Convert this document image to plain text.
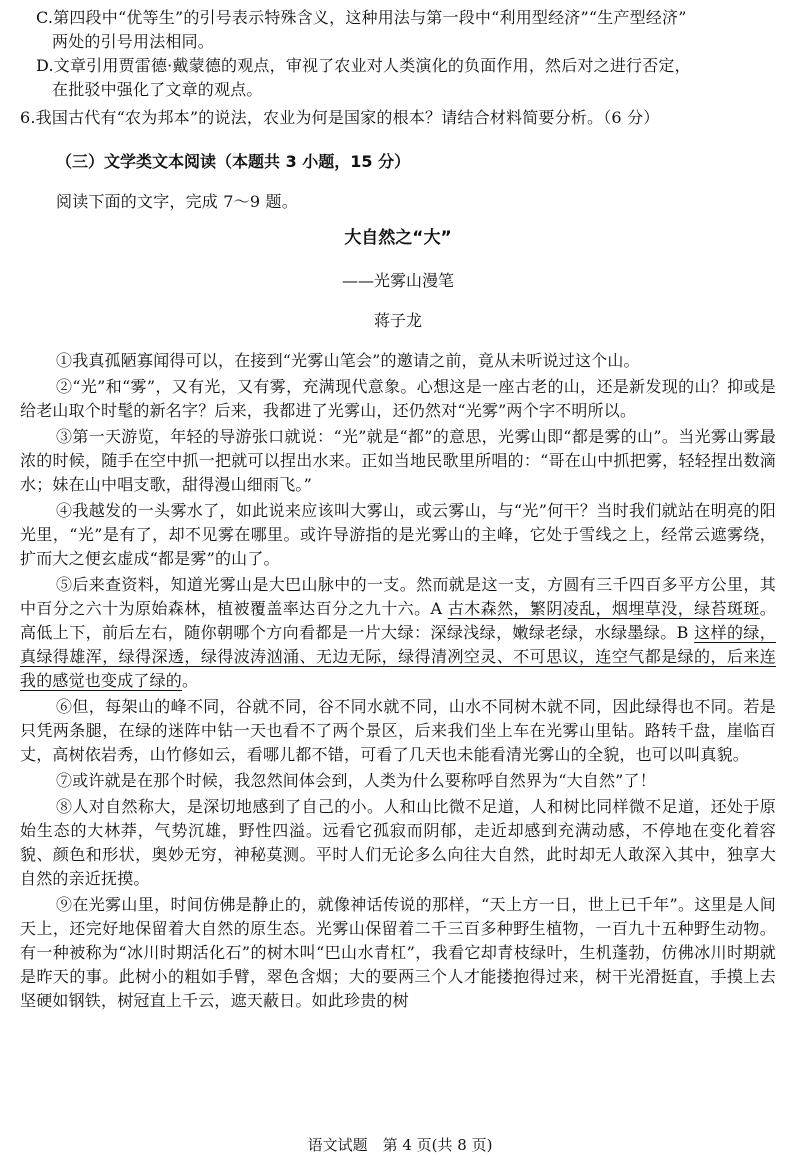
C.第四段中“优等生”的引号表示特殊含义，这种用法与第一段中“利用型经济”“生产型经济”
两处的引号用法相同。

D.文章引用贾雷德·戴蒙德的观点，审视了农业对人类演化的负面作用，然后对之进行否定，
在批驳中强化了文章的观点。

6.我国古代有“农为邦本”的说法，农业为何是国家的根本？请结合材料简要分析。（6 分）

（三）文学类文本阅读（本题共 3 小题，15 分）

阅读下面的文字，完成 7～9 题。

大自然之“大”

——光雾山漫笔

蒋子龙

①我真孤陋寡闻得可以，在接到“光雾山笔会”的邀请之前，竟从未听说过这个山。

②“光”和“雾”，又有光，又有雾，充满现代意象。心想这是一座古老的山，还是新发现的山？抑或是给老山取个时髦的新名字？后来，我都进了光雾山，还仍然对“光雾”两个字不明所以。

③第一天游览，年轻的导游张口就说：“光”就是“都”的意思，光雾山即“都是雾的山”。当光雾山雾最浓的时候，随手在空中抓一把就可以捏出水来。正如当地民歌里所唱的：“哥在山中抓把雾，轻轻捏出数滴水；妹在山中唱支歌，甜得漫山细雨飞。”

④我越发的一头雾水了，如此说来应该叫大雾山，或云雾山，与“光”何干？当时我们就站在明亮的阳光里，“光”是有了，却不见雾在哪里。或许导游指的是光雾山的主峰，它处于雪线之上，经常云遮雾绕，扩而大之便玄虚成“都是雾”的山了。

⑤后来查资料，知道光雾山是大巴山脉中的一支。然而就是这一支，方圆有三千四百多平方公里，其中百分之六十为原始森林，植被覆盖率达百分之九十六。A 古木森然，繁阴凌乱，烟埋草没，绿苔斑斑。高低上下，前后左右，随你朝哪个方向看都是一片大绿：深绿浅绿，嫩绿老绿，水绿墨绿。B 这样的绿，真绿得雄浑，绿得深透，绿得波涛汹涌、无边无际，绿得清冽空灵、不可思议，连空气都是绿的，后来连我的感觉也变成了绿的。

⑥但，每架山的峰不同，谷就不同，谷不同水就不同，山水不同树木就不同，因此绿得也不同。若是只凭两条腿，在绿的迷阵中钻一天也看不了两个景区，后来我们坐上车在光雾山里钻。路转千盘，崖临百丈，高树依岩秀，山竹修如云，看哪儿都不错，可看了几天也未能看清光雾山的全貌，也可以叫真貌。

⑦或许就是在那个时候，我忽然间体会到，人类为什么要称呼自然界为“大自然”了！

⑧人对自然称大，是深切地感到了自己的小。人和山比微不足道，人和树比同样微不足道，还处于原始生态的大林莽，气势沉雄，野性四溢。远看它孤寂而阴郁，走近却感到充满动感，不停地在变化着容貌、颜色和形状，奥妙无穷，神秘莫测。平时人们无论多么向往大自然，此时却无人敢深入其中，独享大自然的亲近抚摸。

⑨在光雾山里，时间仿佛是静止的，就像神话传说的那样，“天上方一日，世上已千年”。这里是人间天上，还完好地保留着大自然的原生态。光雾山保留着二千三百多种野生植物，一百九十五种野生动物。有一种被称为“冰川时期活化石”的树木叫“巴山水青杠”，我看它却青枝绿叶，生机蓬勃，仿佛冰川时期就是昨天的事。此树小的粗如手臂，翠色含烟；大的要两三个人才能搂抱得过来，树干光滑挺直，手摸上去坚硬如钢铁，树冠直上千云，遮天蔽日。如此珍贵的树

语文试题　第 4 页(共 8 页)
